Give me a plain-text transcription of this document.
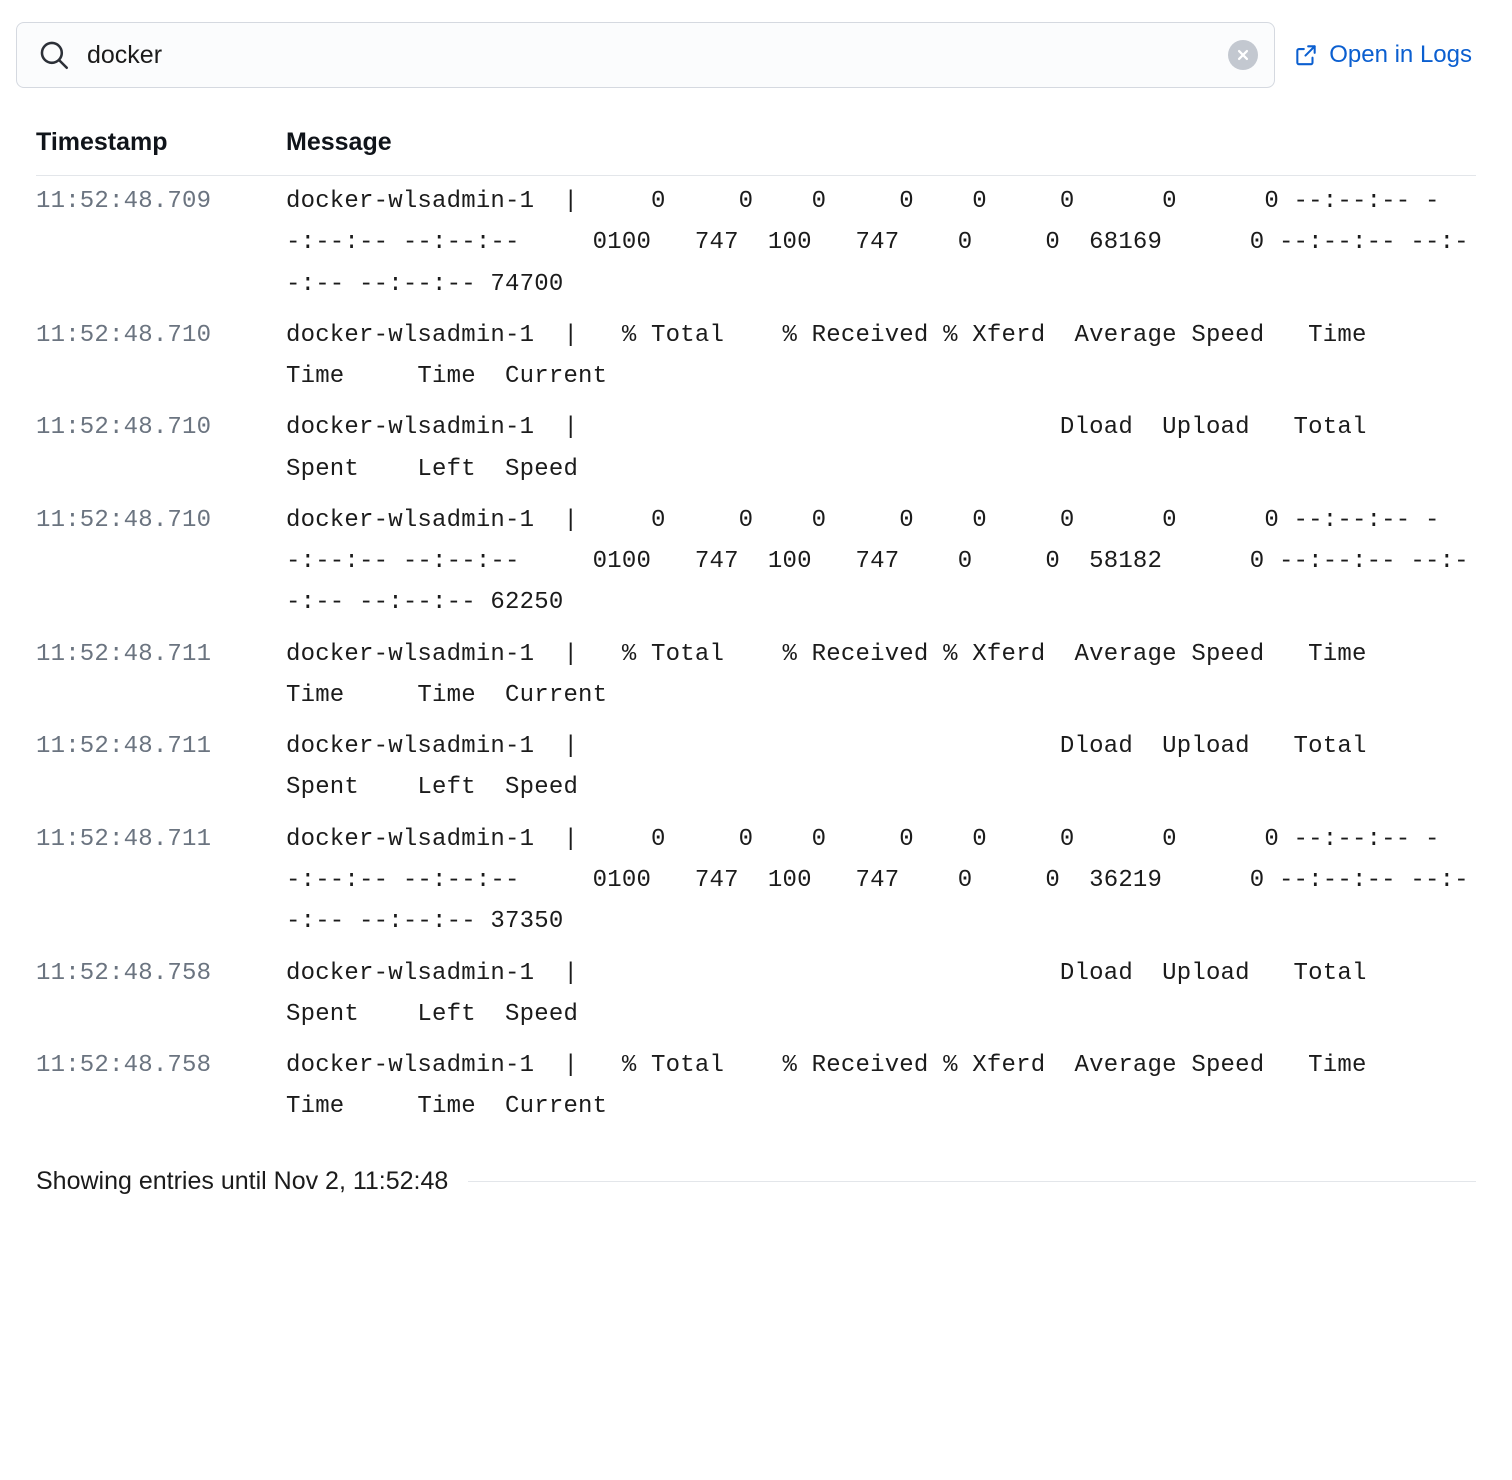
docker
Open in Logs
Timestamp	Message
11:52:48.709	docker-wlsadmin-1  |     0     0    0     0    0     0      0      0 --:--:-- --:--:-- --:--:--     0100   747  100   747    0     0  68169      0 --:--:-- --:--:-- --:--:-- 74700
11:52:48.710	docker-wlsadmin-1  |   % Total    % Received % Xferd  Average Speed   Time    Time     Time  Current
11:52:48.710	docker-wlsadmin-1  |                                 Dload  Upload   Total   Spent    Left  Speed
11:52:48.710	docker-wlsadmin-1  |     0     0    0     0    0     0      0      0 --:--:-- --:--:-- --:--:--     0100   747  100   747    0     0  58182      0 --:--:-- --:--:-- --:--:-- 62250
11:52:48.711	docker-wlsadmin-1  |   % Total    % Received % Xferd  Average Speed   Time    Time     Time  Current
11:52:48.711	docker-wlsadmin-1  |                                 Dload  Upload   Total   Spent    Left  Speed
11:52:48.711	docker-wlsadmin-1  |     0     0    0     0    0     0      0      0 --:--:-- --:--:-- --:--:--     0100   747  100   747    0     0  36219      0 --:--:-- --:--:-- --:--:-- 37350
11:52:48.758	docker-wlsadmin-1  |                                 Dload  Upload   Total   Spent    Left  Speed
11:52:48.758	docker-wlsadmin-1  |   % Total    % Received % Xferd  Average Speed   Time    Time     Time  Current
Showing entries until Nov 2, 11:52:48
